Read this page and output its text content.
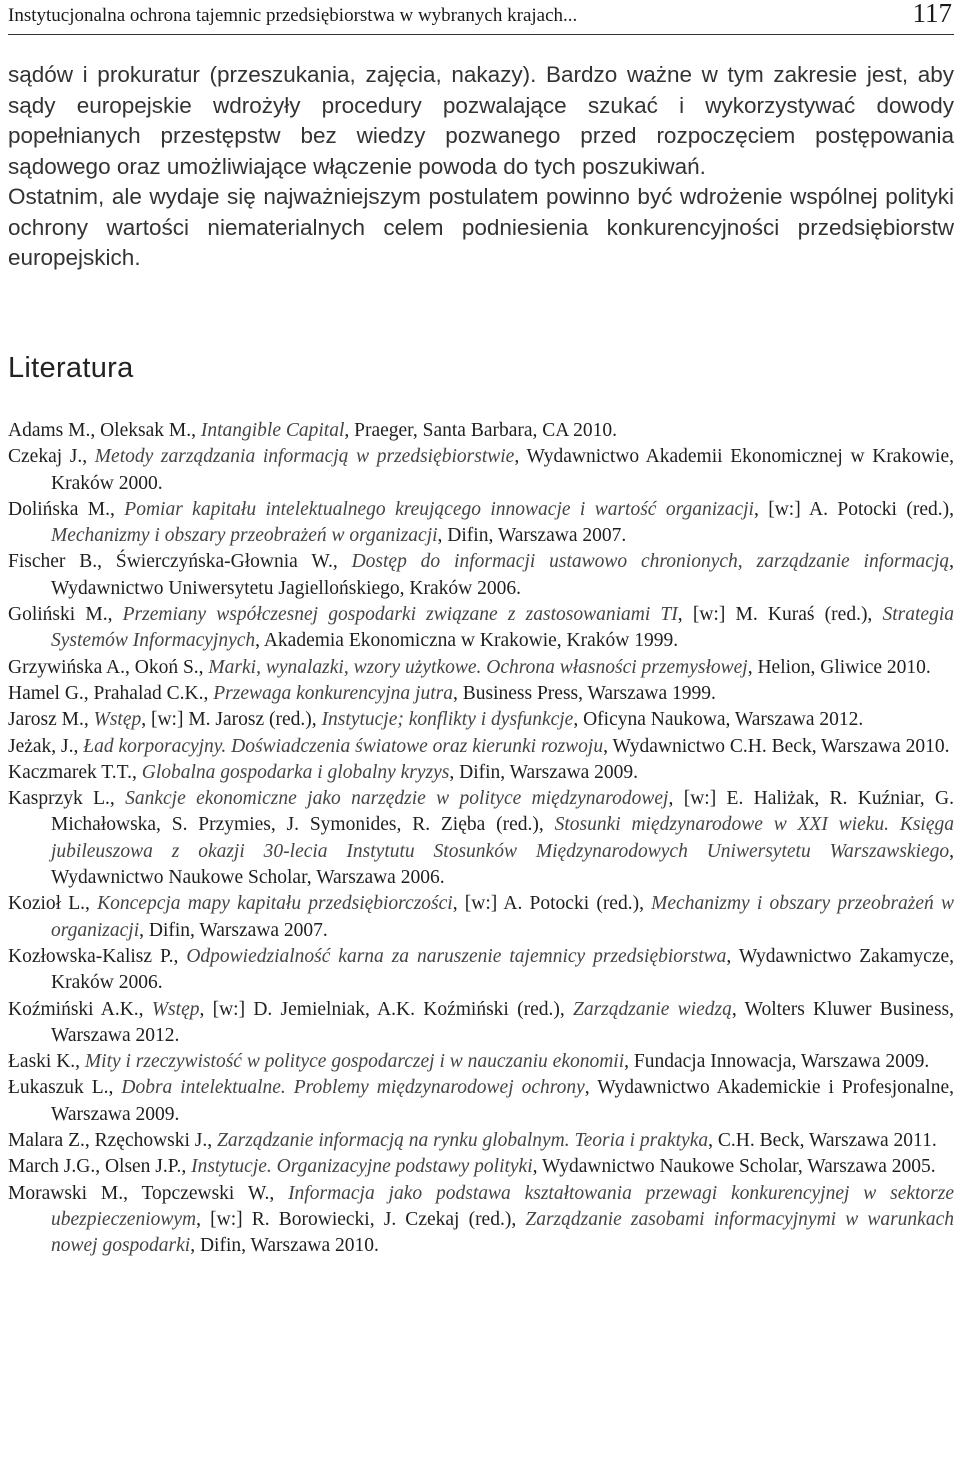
Instytucjonalna ochrona tajemnic przedsiębiorstwa w wybranych krajach...	117

sądów i prokuratur (przeszukania, zajęcia, nakazy). Bardzo ważne w tym zakresie jest, aby sądy europejskie wdrożyły procedury pozwalające szukać i wykorzystywać dowody popełnianych przestępstw bez wiedzy pozwanego przed rozpoczęciem postępowania sądowego oraz umożliwiające włączenie powoda do tych poszukiwań.

Ostatnim, ale wydaje się najważniejszym postulatem powinno być wdrożenie wspólnej polityki ochrony wartości niematerialnych celem podniesienia konkurencyjności przedsiębiorstw europejskich.

Literatura

Adams M., Oleksak M., Intangible Capital, Praeger, Santa Barbara, CA 2010.

Czekaj J., Metody zarządzania informacją w przedsiębiorstwie, Wydawnictwo Akademii Ekonomicznej w Krakowie, Kraków 2000.

Dolińska M., Pomiar kapitału intelektualnego kreującego innowacje i wartość organizacji, [w:] A. Potocki (red.), Mechanizmy i obszary przeobrażeń w organizacji, Difin, Warszawa 2007.

Fischer B., Świerczyńska-Głownia W., Dostęp do informacji ustawowo chronionych, zarządzanie informacją, Wydawnictwo Uniwersytetu Jagiellońskiego, Kraków 2006.

Goliński M., Przemiany współczesnej gospodarki związane z zastosowaniami TI, [w:] M. Kuraś (red.), Strategia Systemów Informacyjnych, Akademia Ekonomiczna w Krakowie, Kraków 1999.

Grzywińska A., Okoń S., Marki, wynalazki, wzory użytkowe. Ochrona własności przemysłowej, Helion, Gliwice 2010.

Hamel G., Prahalad C.K., Przewaga konkurencyjna jutra, Business Press, Warszawa 1999.

Jarosz M., Wstęp, [w:] M. Jarosz (red.), Instytucje; konflikty i dysfunkcje, Oficyna Naukowa, Warszawa 2012.

Jeżak, J., Ład korporacyjny. Doświadczenia światowe oraz kierunki rozwoju, Wydawnictwo C.H. Beck, Warszawa 2010.

Kaczmarek T.T., Globalna gospodarka i globalny kryzys, Difin, Warszawa 2009.

Kasprzyk L., Sankcje ekonomiczne jako narzędzie w polityce międzynarodowej, [w:] E. Haliżak, R. Kuźniar, G. Michałowska, S. Przymies, J. Symonides, R. Zięba (red.), Stosunki międzynarodowe w XXI wieku. Księga jubileuszowa z okazji 30-lecia Instytutu Stosunków Międzynarodowych Uniwersytetu Warszawskiego, Wydawnictwo Naukowe Scholar, Warszawa 2006.

Kozioł L., Koncepcja mapy kapitału przedsiębiorczości, [w:] A. Potocki (red.), Mechanizmy i obszary przeobrażeń w organizacji, Difin, Warszawa 2007.

Kozłowska-Kalisz P., Odpowiedzialność karna za naruszenie tajemnicy przedsiębiorstwa, Wydawnictwo Zakamycze, Kraków 2006.

Koźmiński A.K., Wstęp, [w:] D. Jemielniak, A.K. Koźmiński (red.), Zarządzanie wiedzą, Wolters Kluwer Business, Warszawa 2012.

Łaski K., Mity i rzeczywistość w polityce gospodarczej i w nauczaniu ekonomii, Fundacja Innowacja, Warszawa 2009.

Łukaszuk L., Dobra intelektualne. Problemy międzynarodowej ochrony, Wydawnictwo Akademickie i Profesjonalne, Warszawa 2009.

Malara Z., Rzęchowski J., Zarządzanie informacją na rynku globalnym. Teoria i praktyka, C.H. Beck, Warszawa 2011.

March J.G., Olsen J.P., Instytucje. Organizacyjne podstawy polityki, Wydawnictwo Naukowe Scholar, Warszawa 2005.

Morawski M., Topczewski W., Informacja jako podstawa kształtowania przewagi konkurencyjnej w sektorze ubezpieczeniowym, [w:] R. Borowiecki, J. Czekaj (red.), Zarządzanie zasobami informacyjnymi w warunkach nowej gospodarki, Difin, Warszawa 2010.
